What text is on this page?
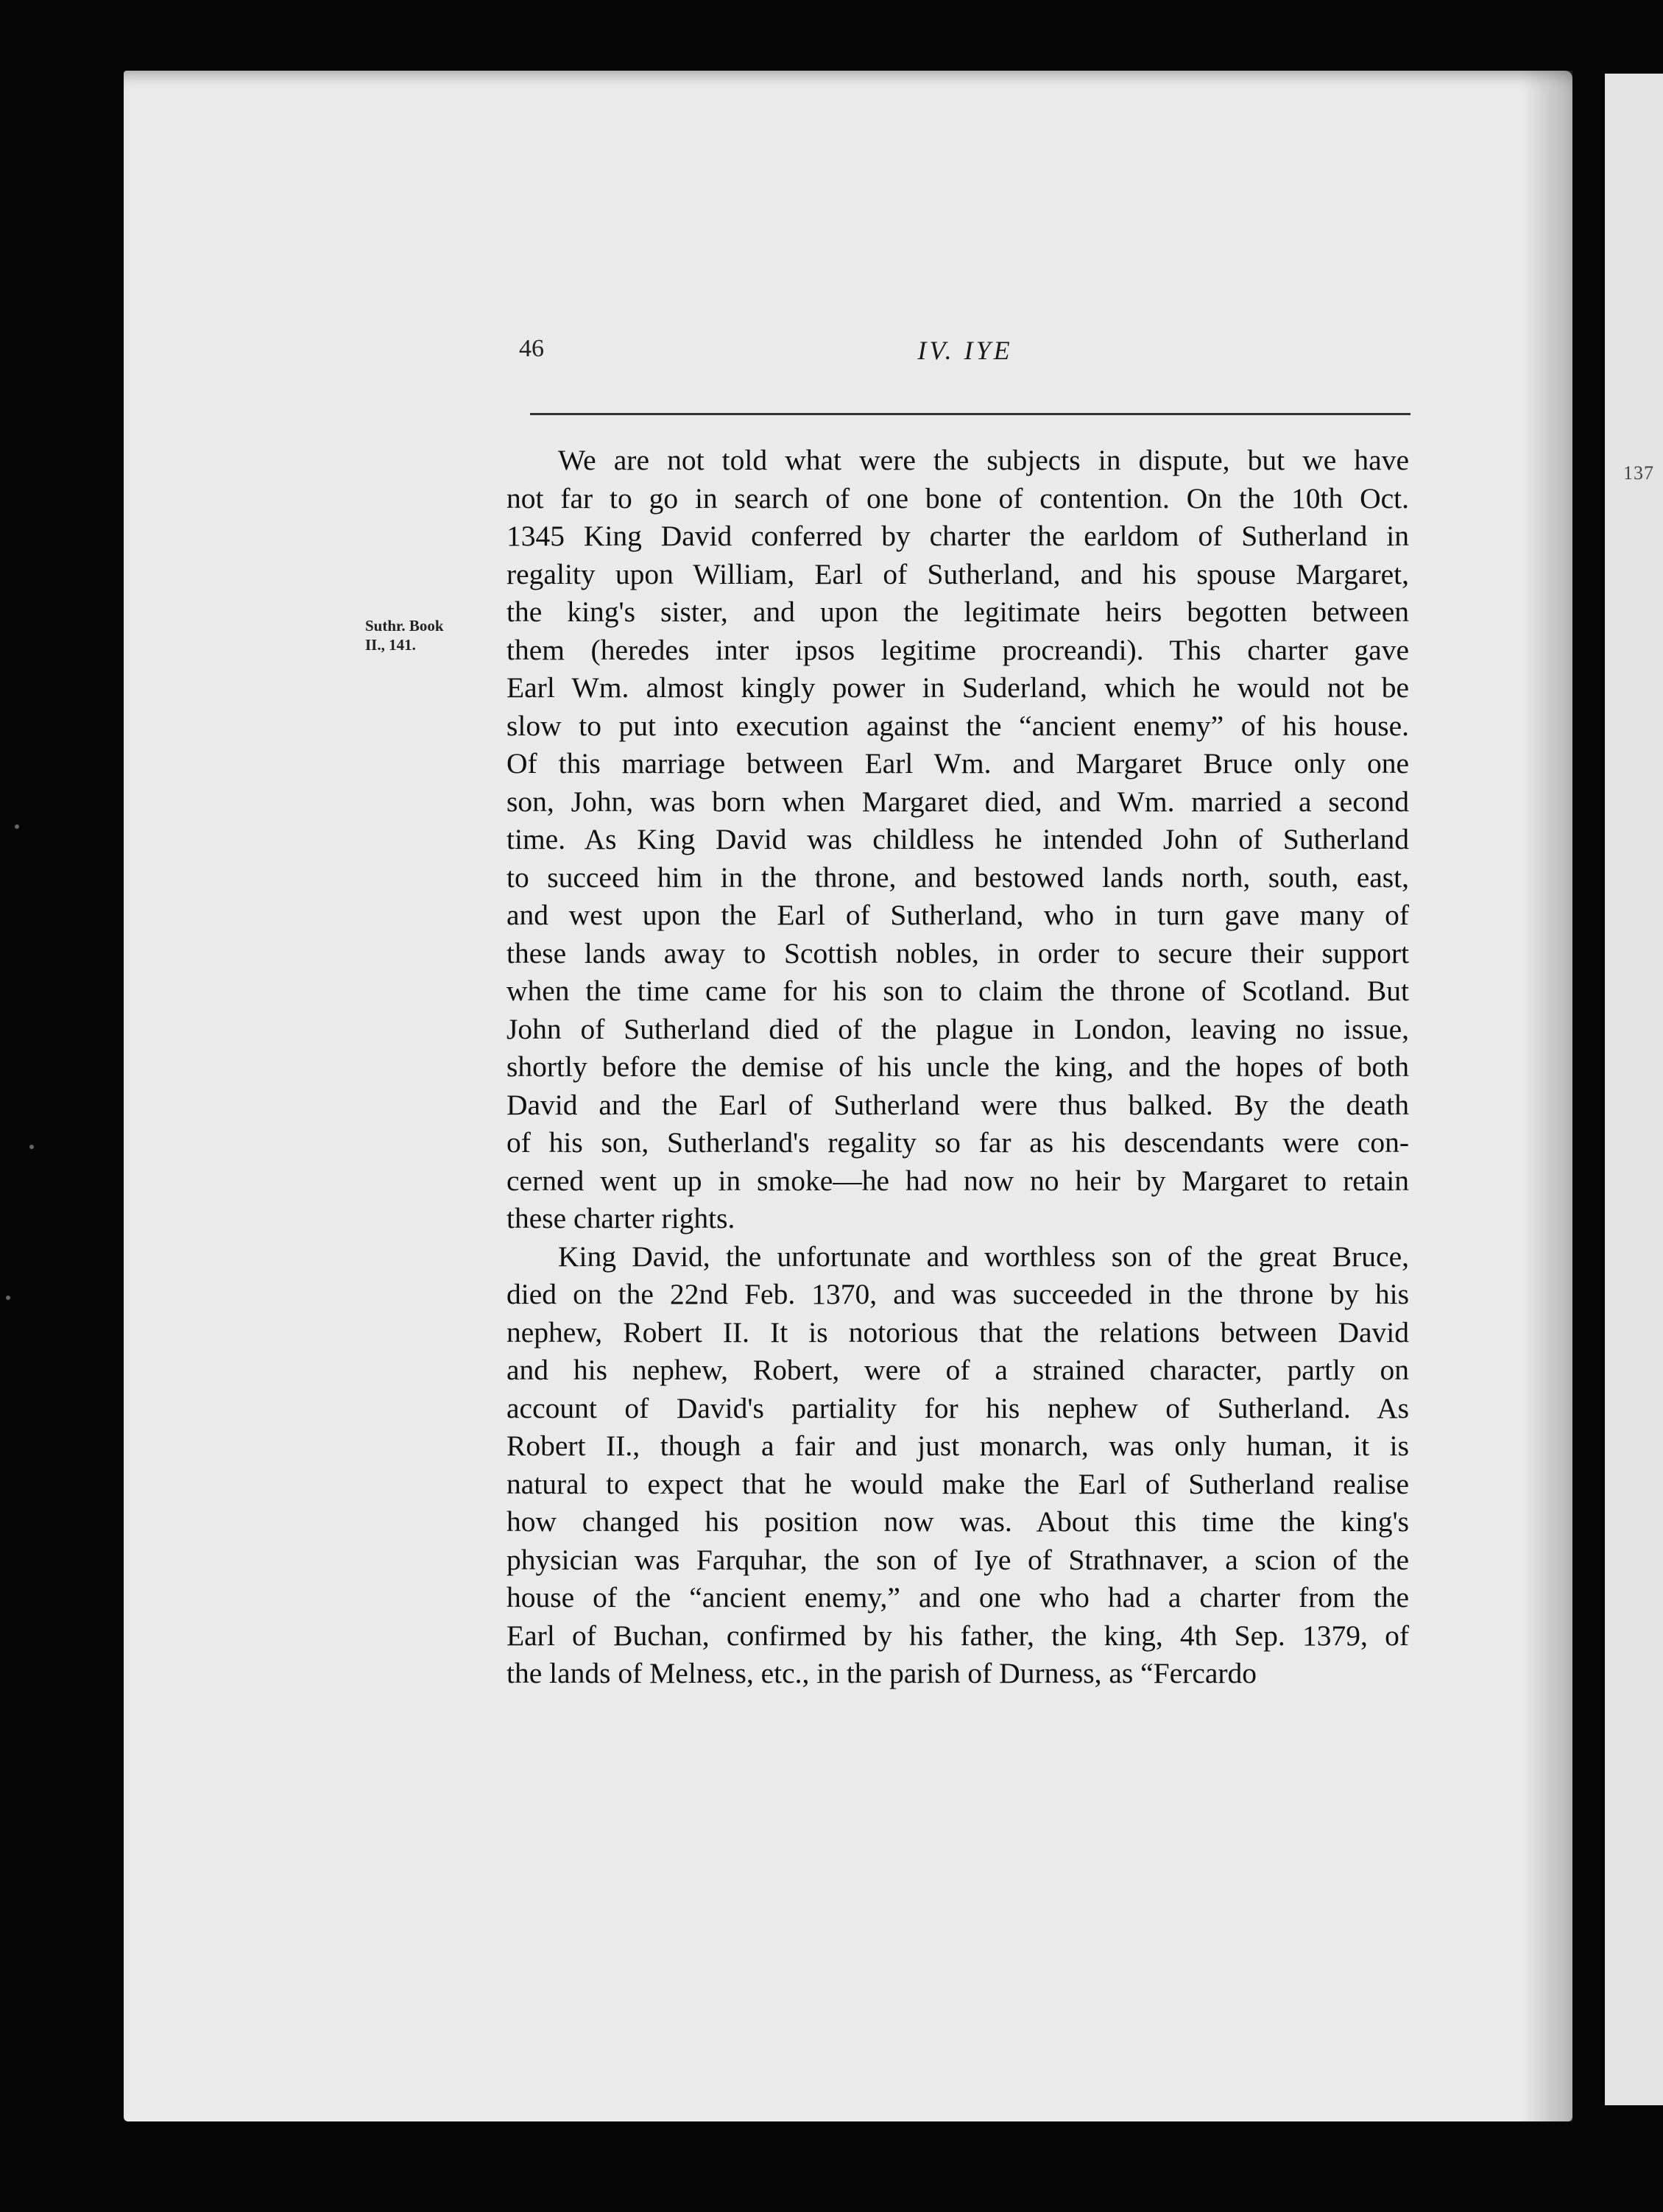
137
46	IV. IYE
Suthr. Book
II., 141.
We are not told what were the subjects in dispute, but we have
not far to go in search of one bone of contention. On the 10th Oct.
1345 King David conferred by charter the earldom of Sutherland in
regality upon William, Earl of Sutherland, and his spouse Margaret,
the king's sister, and upon the legitimate heirs begotten between
them (heredes inter ipsos legitime procreandi). This charter gave
Earl Wm. almost kingly power in Suderland, which he would not be
slow to put into execution against the “ancient enemy” of his house.
Of this marriage between Earl Wm. and Margaret Bruce only one
son, John, was born when Margaret died, and Wm. married a second
time. As King David was childless he intended John of Sutherland
to succeed him in the throne, and bestowed lands north, south, east,
and west upon the Earl of Sutherland, who in turn gave many of
these lands away to Scottish nobles, in order to secure their support
when the time came for his son to claim the throne of Scotland. But
John of Sutherland died of the plague in London, leaving no issue,
shortly before the demise of his uncle the king, and the hopes of both
David and the Earl of Sutherland were thus balked. By the death
of his son, Sutherland's regality so far as his descendants were con-
cerned went up in smoke—he had now no heir by Margaret to retain
these charter rights.
King David, the unfortunate and worthless son of the great Bruce,
died on the 22nd Feb. 1370, and was succeeded in the throne by his
nephew, Robert II. It is notorious that the relations between David
and his nephew, Robert, were of a strained character, partly on
account of David's partiality for his nephew of Sutherland. As
Robert II., though a fair and just monarch, was only human, it is
natural to expect that he would make the Earl of Sutherland realise
how changed his position now was. About this time the king's
physician was Farquhar, the son of Iye of Strathnaver, a scion of the
house of the “ancient enemy,” and one who had a charter from the
Earl of Buchan, confirmed by his father, the king, 4th Sep. 1379, of
the lands of Melness, etc., in the parish of Durness, as “Fercardo
